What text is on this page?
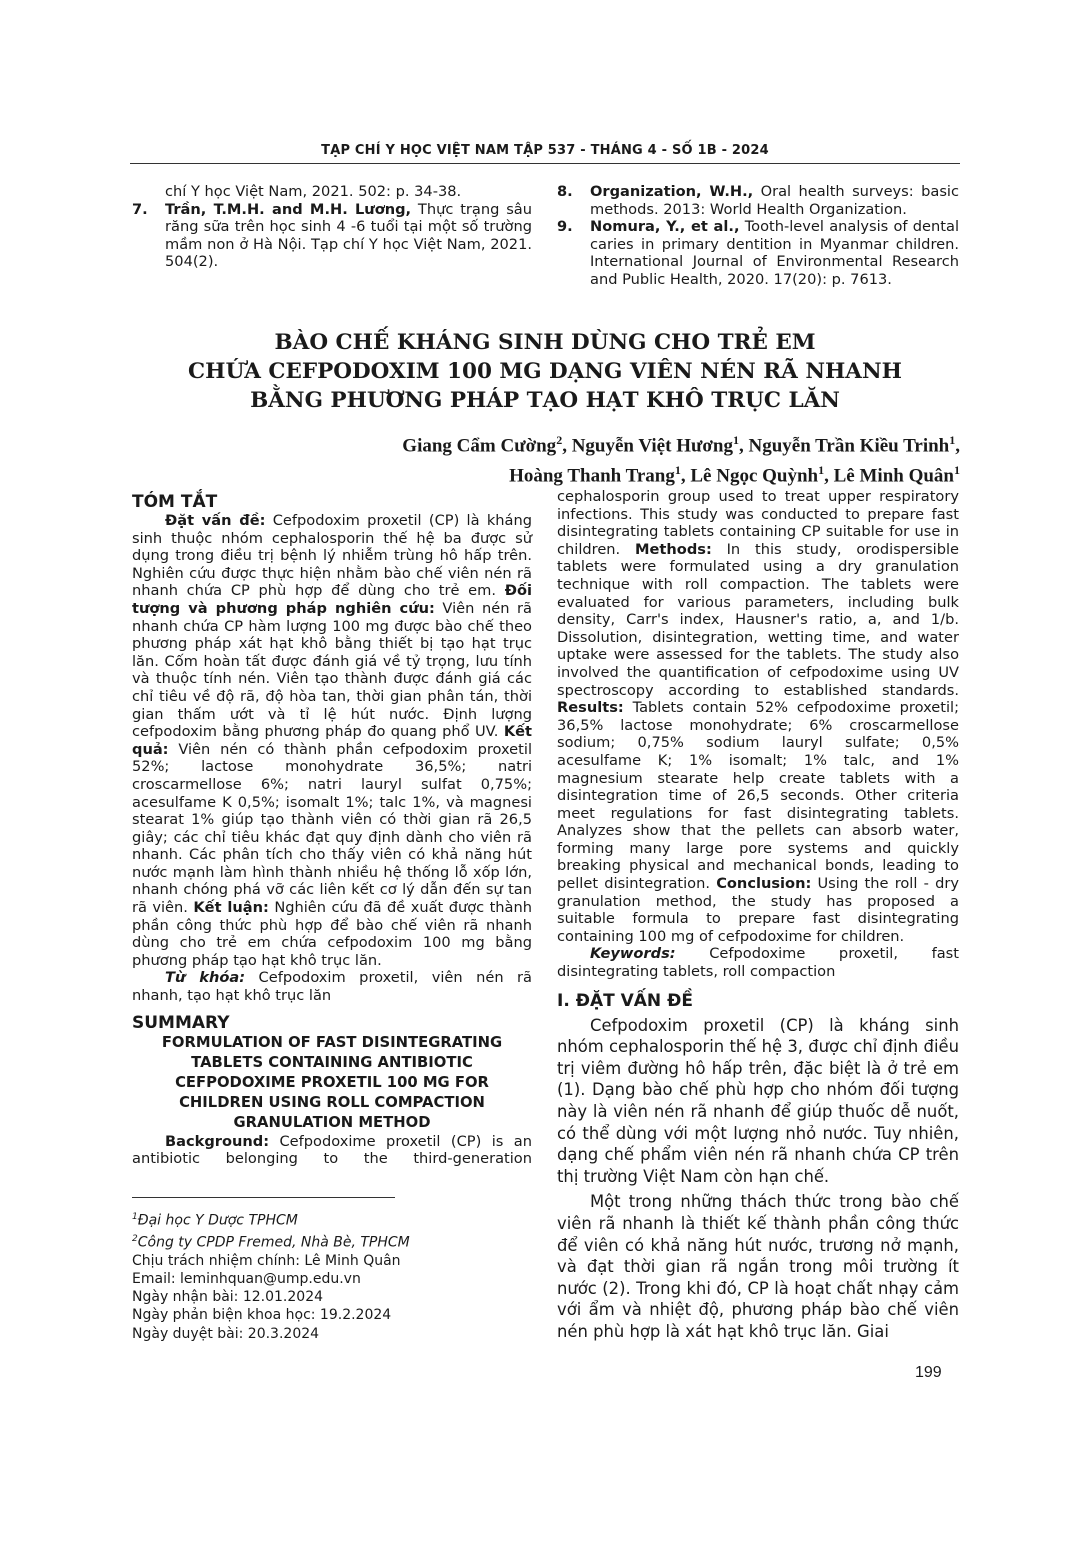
TẠP CHÍ Y HỌC VIỆT NAM TẬP 537 - THÁNG 4 - SỐ 1B - 2024

chí Y học Việt Nam, 2021. 502: p. 34-38.

7.	Trần, T.M.H. and M.H. Lương, Thực trạng sâu răng sữa trên học sinh 4 -6 tuổi tại một số trường mầm non ở Hà Nội. Tạp chí Y học Việt Nam, 2021. 504(2).
8.	Organization, W.H., Oral health surveys: basic methods. 2013: World Health Organization.
9.	Nomura, Y., et al., Tooth-level analysis of dental caries in primary dentition in Myanmar children. International Journal of Environmental Research and Public Health, 2020. 17(20): p. 7613.
BÀO CHẾ KHÁNG SINH DÙNG CHO TRẺ EM
CHỨA CEFPODOXIM 100 MG DẠNG VIÊN NÉN RÃ NHANH
BẰNG PHƯƠNG PHÁP TẠO HẠT KHÔ TRỤC LĂN
Giang Cẩm Cường$^2$, Nguyễn Việt Hương$^1$, Nguyễn Trần Kiều Trinh$^1$,
Hoàng Thanh Trang$^1$, Lê Ngọc Quỳnh$^1$, Lê Minh Quân$^1$

TÓM TẮT

Đặt vấn đề: Cefpodoxim proxetil (CP) là kháng sinh thuộc nhóm cephalosporin thế hệ ba được sử dụng trong điều trị bệnh lý nhiễm trùng hô hấp trên. Nghiên cứu được thực hiện nhằm bào chế viên nén rã nhanh chứa CP phù hợp để dùng cho trẻ em. Đối tượng và phương pháp nghiên cứu: Viên nén rã nhanh chứa CP hàm lượng 100 mg được bào chế theo phương pháp xát hạt khô bằng thiết bị tạo hạt trục lăn. Cốm hoàn tất được đánh giá về tỷ trọng, lưu tính và thuộc tính nén. Viên tạo thành được đánh giá các chỉ tiêu về độ rã, độ hòa tan, thời gian phân tán, thời gian thấm ướt và tỉ lệ hút nước. Định lượng cefpodoxim bằng phương pháp đo quang phổ UV. Kết quả: Viên nén có thành phần cefpodoxim proxetil 52%; lactose monohydrate 36,5%; natri croscarmellose 6%; natri lauryl sulfat 0,75%; acesulfame K 0,5%; isomalt 1%; talc 1%, và magnesi stearat 1% giúp tạo thành viên có thời gian rã 26,5 giây; các chỉ tiêu khác đạt quy định dành cho viên rã nhanh. Các phân tích cho thấy viên có khả năng hút nước mạnh làm hình thành nhiều hệ thống lỗ xốp lớn, nhanh chóng phá vỡ các liên kết cơ lý dẫn đến sự tan rã viên. Kết luận: Nghiên cứu đã đề xuất được thành phần công thức phù hợp để bào chế viên rã nhanh dùng cho trẻ em chứa cefpodoxim 100 mg bằng phương pháp tạo hạt khô trục lăn.

Từ khóa: Cefpodoxim proxetil, viên nén rã nhanh, tạo hạt khô trục lăn

SUMMARY

FORMULATION OF FAST DISINTEGRATING TABLETS CONTAINING ANTIBIOTIC CEFPODOXIME PROXETIL 100 MG FOR CHILDREN USING ROLL COMPACTION GRANULATION METHOD

Background: Cefpodoxime proxetil (CP) is an antibiotic belonging to the third-generation

$^1$Đại học Y Dược TPHCM

$^2$Công ty CPDP Fremed, Nhà Bè, TPHCM

Chịu trách nhiệm chính: Lê Minh Quân

Email: leminhquan@ump.edu.vn

Ngày nhận bài: 12.01.2024

Ngày phản biện khoa học: 19.2.2024

Ngày duyệt bài: 20.3.2024

cephalosporin group used to treat upper respiratory infections. This study was conducted to prepare fast disintegrating tablets containing CP suitable for use in children. Methods: In this study, orodispersible tablets were formulated using a dry granulation technique with roll compaction. The tablets were evaluated for various parameters, including bulk density, Carr's index, Hausner's ratio, a, and 1/b. Dissolution, disintegration, wetting time, and water uptake were assessed for the tablets. The study also involved the quantification of cefpodoxime using UV spectroscopy according to established standards. Results: Tablets contain 52% cefpodoxime proxetil; 36,5% lactose monohydrate; 6% croscarmellose sodium; 0,75% sodium lauryl sulfate; 0,5% acesulfame K; 1% isomalt; 1% talc, and 1% magnesium stearate help create tablets with a disintegration time of 26,5 seconds. Other criteria meet regulations for fast disintegrating tablets. Analyzes show that the pellets can absorb water, forming many large pore systems and quickly breaking physical and mechanical bonds, leading to pellet disintegration. Conclusion: Using the roll - dry granulation method, the study has proposed a suitable formula to prepare fast disintegrating containing 100 mg of cefpodoxime for children.

Keywords: Cefpodoxime proxetil, fast disintegrating tablets, roll compaction

I. ĐẶT VẤN ĐỀ

Cefpodoxim proxetil (CP) là kháng sinh nhóm cephalosporin thế hệ 3, được chỉ định điều trị viêm đường hô hấp trên, đặc biệt là ở trẻ em (1). Dạng bào chế phù hợp cho nhóm đối tượng này là viên nén rã nhanh để giúp thuốc dễ nuốt, có thể dùng với một lượng nhỏ nước. Tuy nhiên, dạng chế phẩm viên nén rã nhanh chứa CP trên thị trường Việt Nam còn hạn chế.

Một trong những thách thức trong bào chế viên rã nhanh là thiết kế thành phần công thức để viên có khả năng hút nước, trương nở mạnh, và đạt thời gian rã ngắn trong môi trường ít nước (2). Trong khi đó, CP là hoạt chất nhạy cảm với ẩm và nhiệt độ, phương pháp bào chế viên nén phù hợp là xát hạt khô trục lăn. Giai

199
